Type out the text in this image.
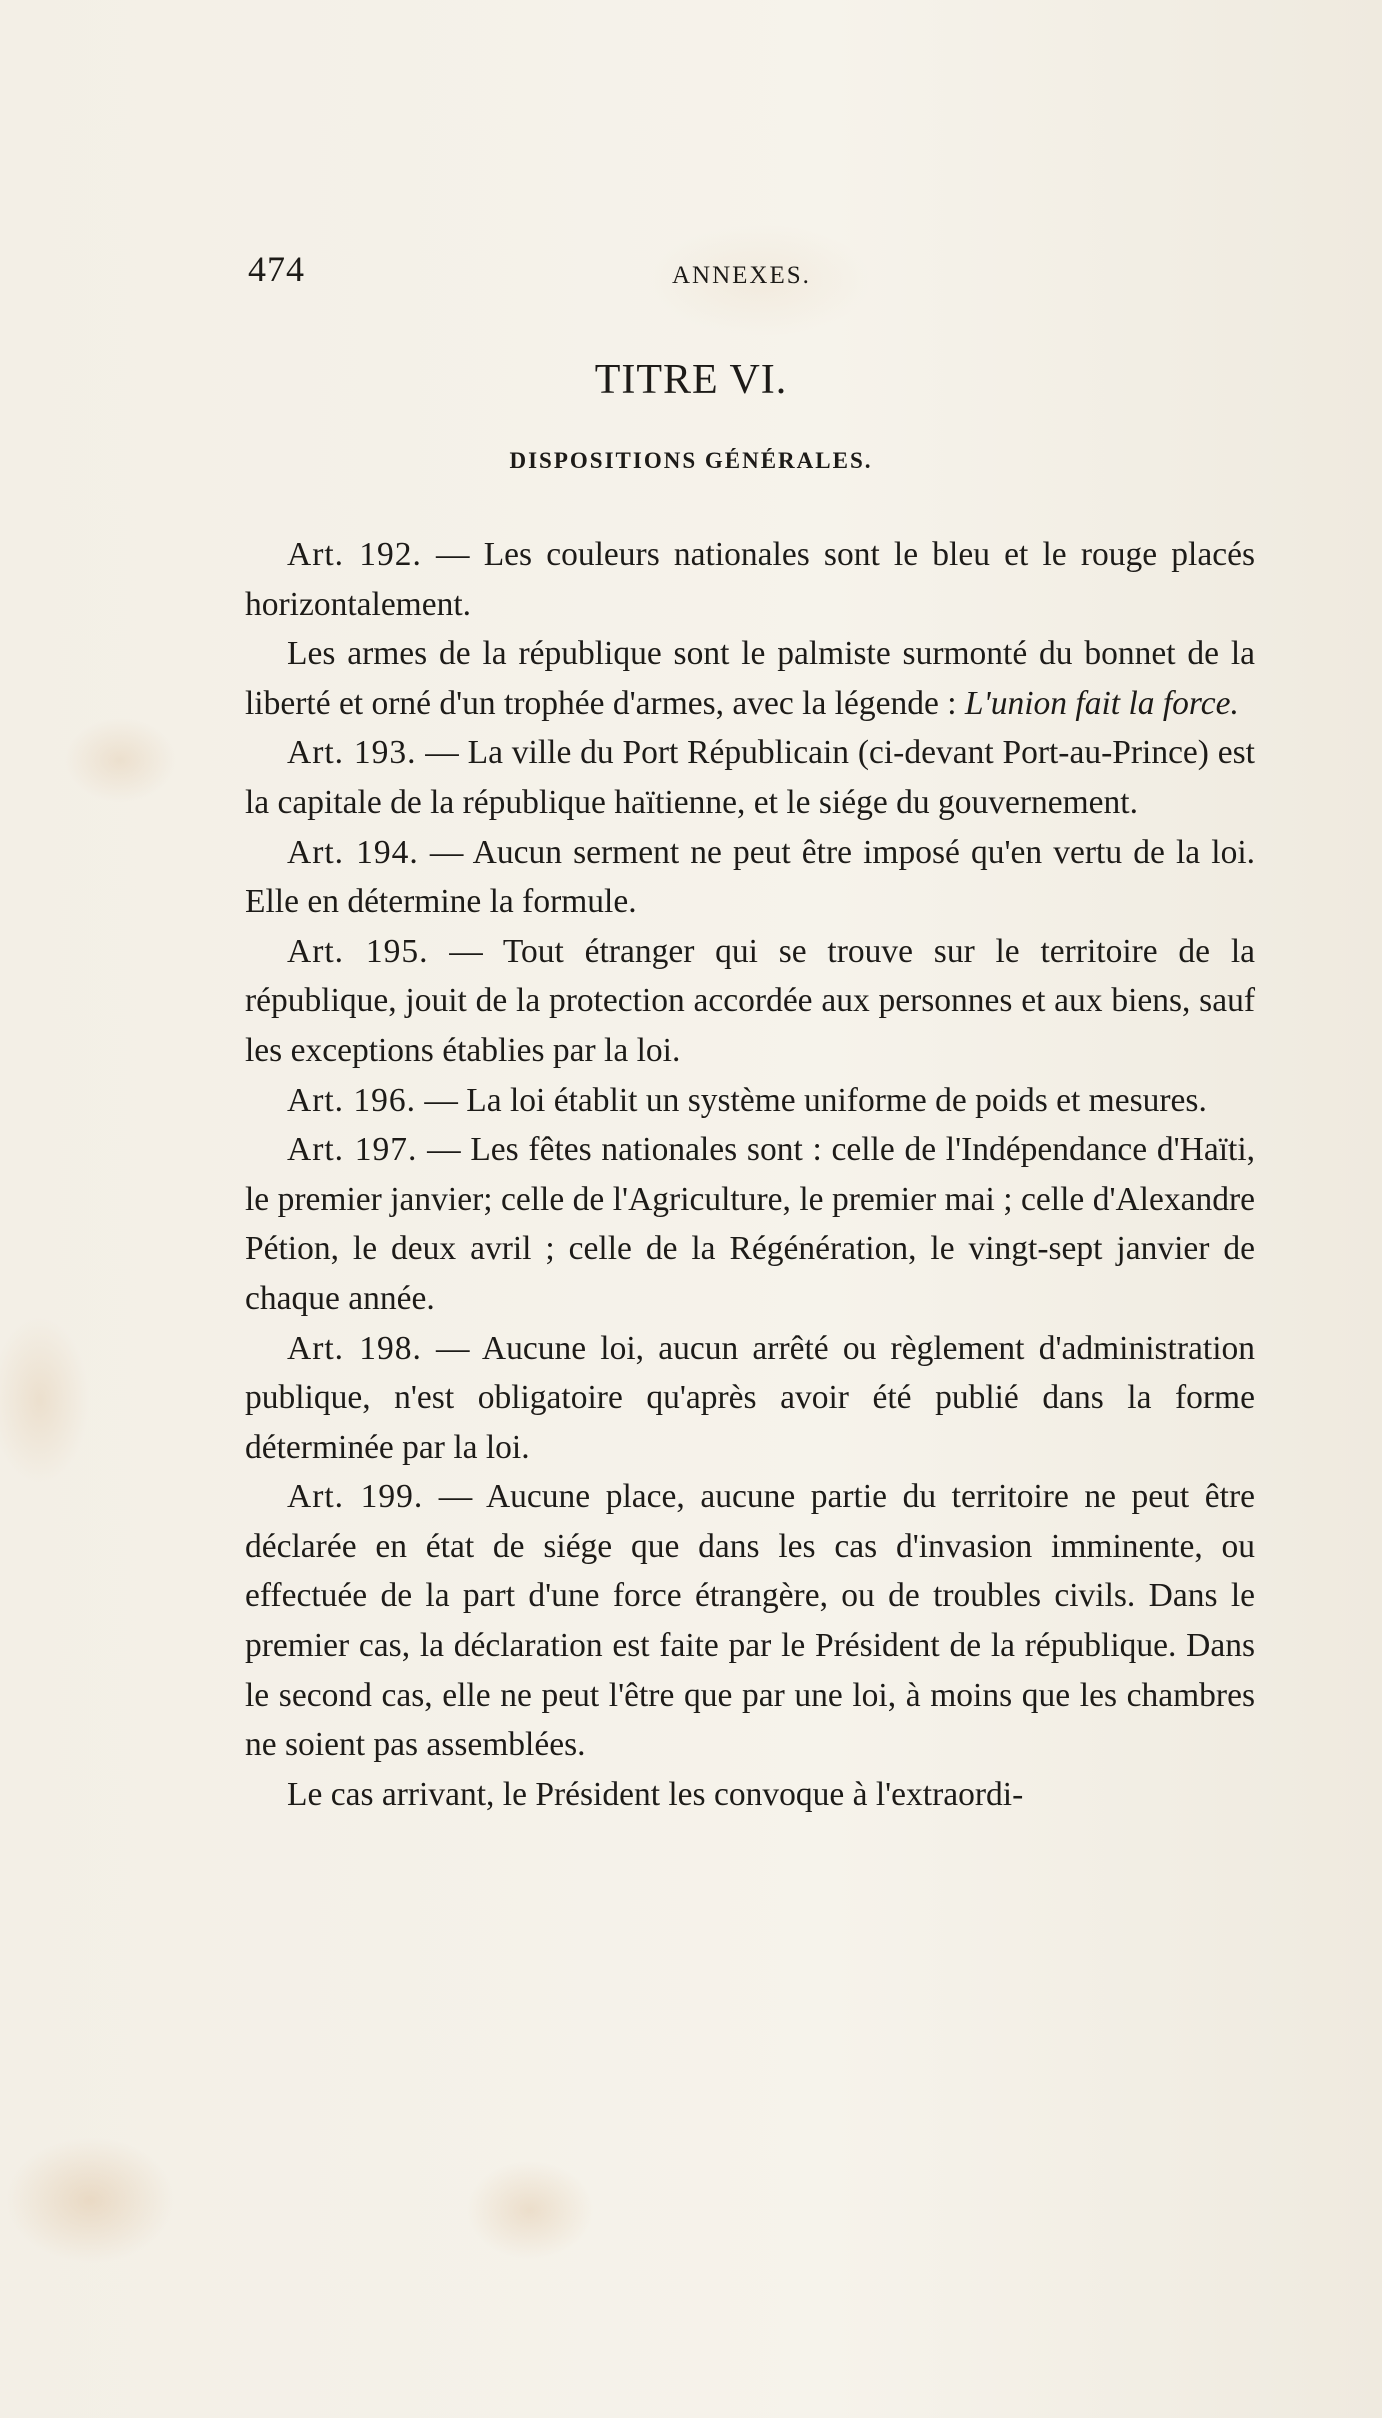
474	ANNEXES.
TITRE VI.
DISPOSITIONS GÉNÉRALES.

Art. 192. — Les couleurs nationales sont le bleu et le rouge placés horizontalement.

Les armes de la république sont le palmiste surmonté du bonnet de la liberté et orné d'un trophée d'armes, avec la légende : L'union fait la force.

Art. 193. — La ville du Port Républicain (ci-devant Port-au-Prince) est la capitale de la république haïtienne, et le siége du gouvernement.

Art. 194. — Aucun serment ne peut être imposé qu'en vertu de la loi. Elle en détermine la formule.

Art. 195. — Tout étranger qui se trouve sur le territoire de la république, jouit de la protection accordée aux personnes et aux biens, sauf les exceptions établies par la loi.

Art. 196. — La loi établit un système uniforme de poids et mesures.

Art. 197. — Les fêtes nationales sont : celle de l'Indépendance d'Haïti, le premier janvier; celle de l'Agriculture, le premier mai ; celle d'Alexandre Pétion, le deux avril ; celle de la Régénération, le vingt-sept janvier de chaque année.

Art. 198. — Aucune loi, aucun arrêté ou règlement d'administration publique, n'est obligatoire qu'après avoir été publié dans la forme déterminée par la loi.

Art. 199. — Aucune place, aucune partie du territoire ne peut être déclarée en état de siége que dans les cas d'invasion imminente, ou effectuée de la part d'une force étrangère, ou de troubles civils. Dans le premier cas, la déclaration est faite par le Président de la république. Dans le second cas, elle ne peut l'être que par une loi, à moins que les chambres ne soient pas assemblées.

Le cas arrivant, le Président les convoque à l'extraordi-
